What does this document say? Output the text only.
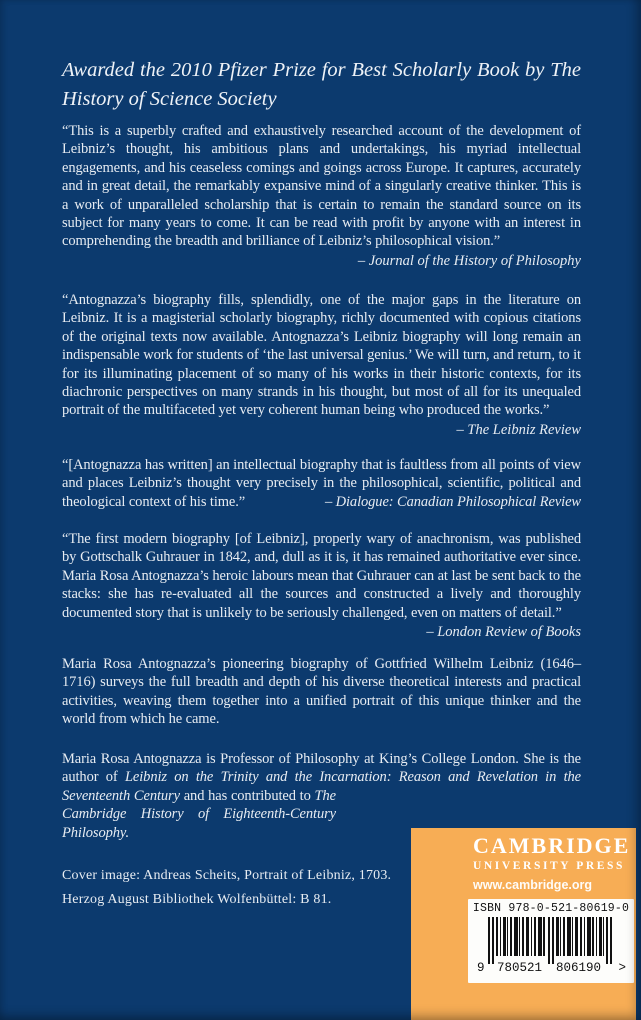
Awarded the 2010 Pfizer Prize for Best Scholarly Book by The History of Science Society
“This is a superbly crafted and exhaustively researched account of the development of Leibniz’s thought, his ambitious plans and undertakings, his myriad intellectual engagements, and his ceaseless comings and goings across Europe. It captures, accurately and in great detail, the remarkably expansive mind of a singularly creative thinker. This is a work of unparalleled scholarship that is certain to remain the standard source on its subject for many years to come. It can be read with profit by anyone with an interest in comprehending the breadth and brilliance of Leibniz’s philosophical vision.”
– Journal of the History of Philosophy
“Antognazza’s biography fills, splendidly, one of the major gaps in the literature on Leibniz. It is a magisterial scholarly biography, richly documented with copious citations of the original texts now available. Antognazza’s Leibniz biography will long remain an indispensable work for students of ‘the last universal genius.’ We will turn, and return, to it for its illuminating placement of so many of his works in their historic contexts, for its diachronic perspectives on many strands in his thought, but most of all for its unequaled portrait of the multifaceted yet very coherent human being who produced the works.”
– The Leibniz Review
“[Antognazza has written] an intellectual biography that is faultless from all points of view and places Leibniz’s thought very precisely in the philosophical, scientific, political and theological context of his time.”	– Dialogue: Canadian Philosophical Review
“The first modern biography [of Leibniz], properly wary of anachronism, was published by Gottschalk Guhrauer in 1842, and, dull as it is, it has remained authoritative ever since. Maria Rosa Antognazza’s heroic labours mean that Guhrauer can at last be sent back to the stacks: she has re-evaluated all the sources and constructed a lively and thoroughly documented story that is unlikely to be seriously challenged, even on matters of detail.”
– London Review of Books
Maria Rosa Antognazza’s pioneering biography of Gottfried Wilhelm Leibniz (1646–1716) surveys the full breadth and depth of his diverse theoretical interests and practical activities, weaving them together into a unified portrait of this unique thinker and the world from which he came.
Maria Rosa Antognazza is Professor of Philosophy at King’s College London. She is the author of Leibniz on the Trinity and the Incarnation: Reason and Revelation in the Seventeenth Century
and has contributed to The Cambridge History of Eighteenth-Century Philosophy.
Cover image: Andreas Scheits, Portrait of Leibniz, 1703. Herzog August Bibliothek Wolfenbüttel: B 81.
CAMBRIDGE
UNIVERSITY PRESS
www.cambridge.org
ISBN 978-0-521-80619-0
9 780521 806190 >
